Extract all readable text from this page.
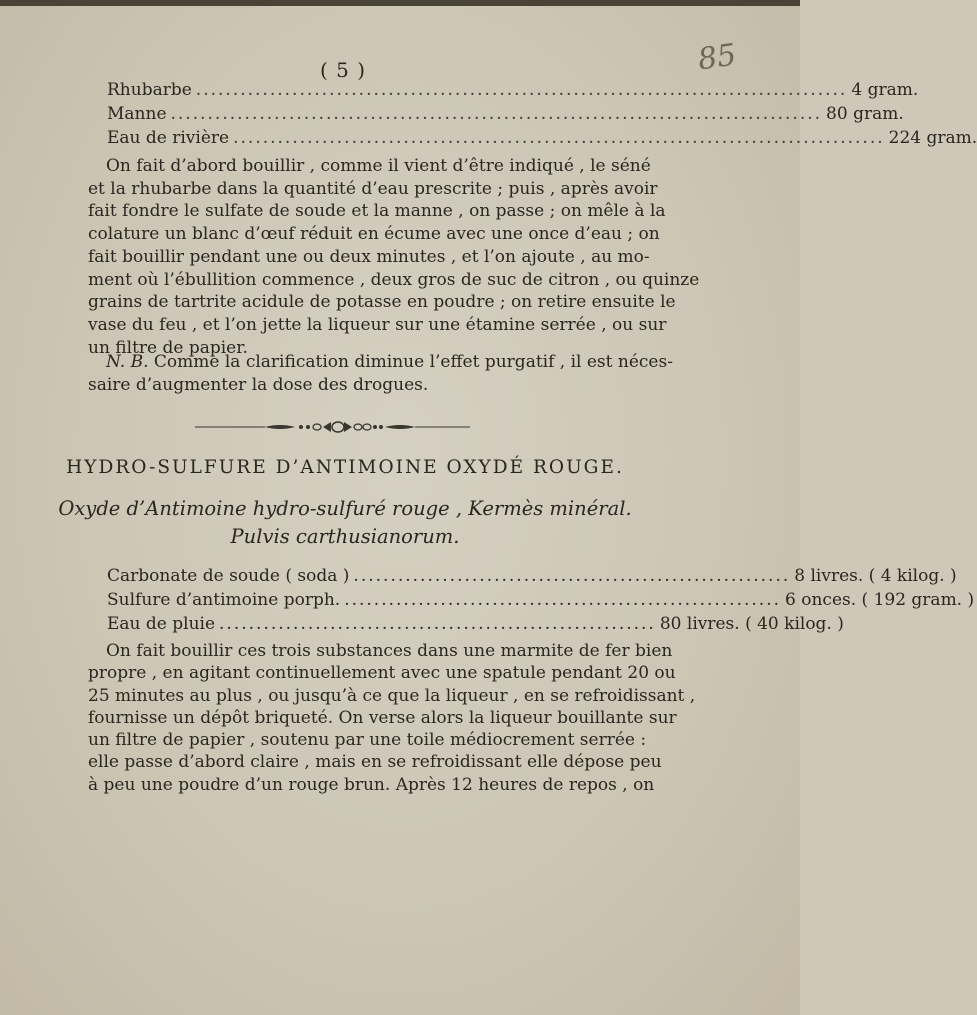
( 5 )	85
Rhubarbe ........................................................................................ 4 gram.
Manne ........................................................................................ 80 gram.
Eau de rivière ........................................................................................ 224 gram.
On fait d’abord bouillir , comme il vient d’être indiqué , le séné
et la rhubarbe dans la quantité d’eau prescrite ; puis , après avoir
fait fondre le sulfate de soude et la manne , on passe ; on mêle à la
colature un blanc d’œuf réduit en écume avec une once d’eau ; on
fait bouillir pendant une ou deux minutes , et l’on ajoute , au mo-
ment où l’ébullition commence , deux gros de suc de citron , ou quinze
grains de tartrite acidule de potasse en poudre ; on retire ensuite le
vase du feu , et l’on jette la liqueur sur une étamine serrée , ou sur
un filtre de papier.
N. B. Comme la clarification diminue l’effet purgatif , il est néces-
saire d’augmenter la dose des drogues.
HYDRO-SULFURE D’ANTIMOINE OXYDÉ ROUGE.
Oxyde d’Antimoine hydro-sulfuré rouge , Kermès minéral.
Pulvis carthusianorum.
Carbonate de soude ( soda ) ........................................................... 8 livres. ( 4 kilog. )
Sulfure d’antimoine porph. ........................................................... 6 onces. ( 192 gram. )
Eau de pluie ........................................................... 80 livres. ( 40 kilog. )
On fait bouillir ces trois substances dans une marmite de fer bien
propre , en agitant continuellement avec une spatule pendant 20 ou
25 minutes au plus , ou jusqu’à ce que la liqueur , en se refroidissant ,
fournisse un dépôt briqueté. On verse alors la liqueur bouillante sur
un filtre de papier , soutenu par une toile médiocrement serrée :
elle passe d’abord claire , mais en se refroidissant elle dépose peu
à peu une poudre d’un rouge brun. Après 12 heures de repos , on
